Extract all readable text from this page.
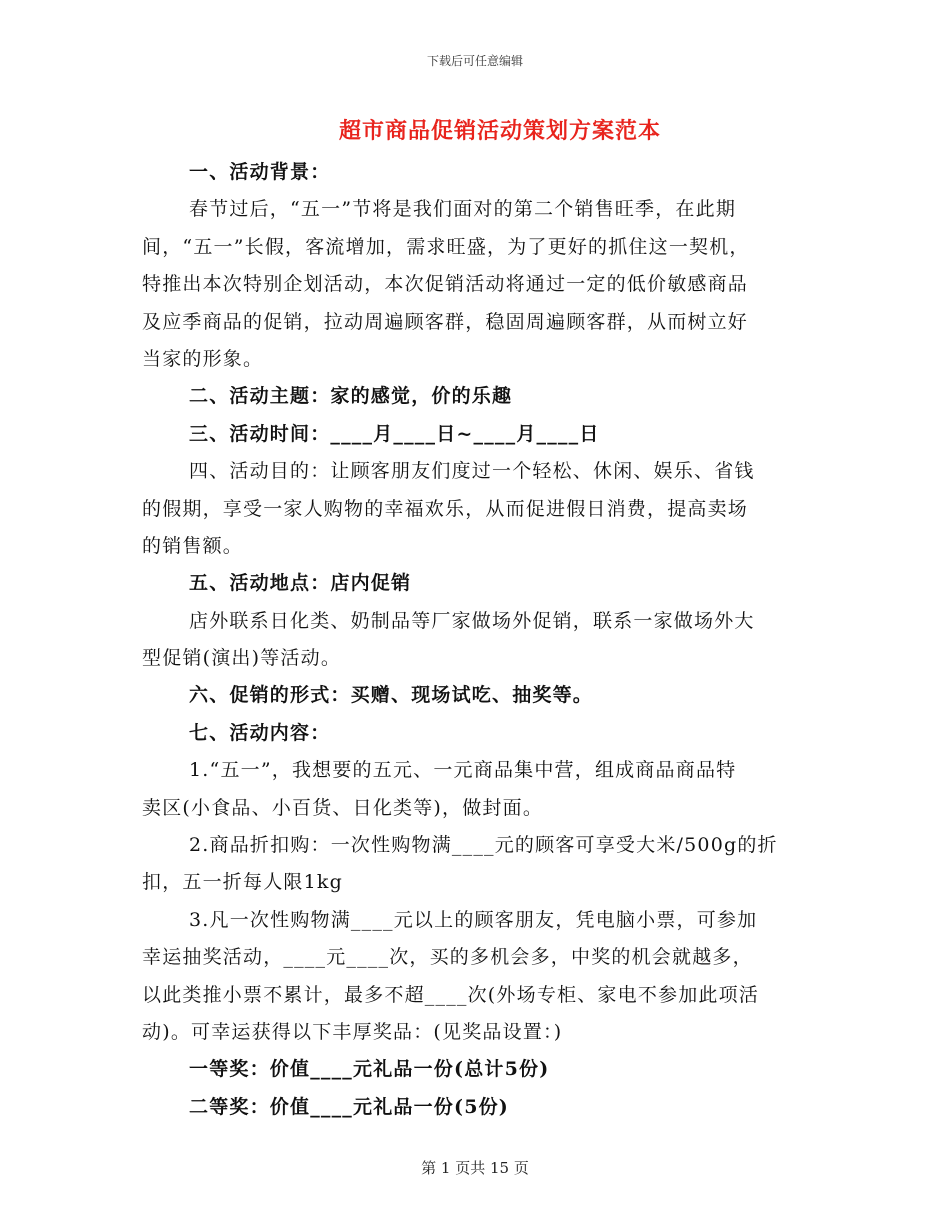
下载后可任意编辑
超市商品促销活动策划方案范本
一、活动背景：
春节过后，“五一”节将是我们面对的第二个销售旺季，在此期
间，“五一”长假，客流增加，需求旺盛，为了更好的抓住这一契机，
特推出本次特别企划活动，本次促销活动将通过一定的低价敏感商品
及应季商品的促销，拉动周遍顾客群，稳固周遍顾客群，从而树立好
当家的形象。
二、活动主题：家的感觉，价的乐趣
三、活动时间：____月____日~____月____日
四、活动目的：让顾客朋友们度过一个轻松、休闲、娱乐、省钱
的假期，享受一家人购物的幸福欢乐，从而促进假日消费，提高卖场
的销售额。
五、活动地点：店内促销
店外联系日化类、奶制品等厂家做场外促销，联系一家做场外大
型促销(演出)等活动。
六、促销的形式：买赠、现场试吃、抽奖等。
七、活动内容：
1.“五一”，我想要的五元、一元商品集中营，组成商品商品特
卖区(小食品、小百货、日化类等)，做封面。
2.商品折扣购：一次性购物满____元的顾客可享受大米/500g的折
扣，五一折每人限1kg
3.凡一次性购物满____元以上的顾客朋友，凭电脑小票，可参加
幸运抽奖活动，____元____次，买的多机会多，中奖的机会就越多，
以此类推小票不累计，最多不超____次(外场专柜、家电不参加此项活
动)。可幸运获得以下丰厚奖品：(见奖品设置：)
一等奖：价值____元礼品一份(总计5份)
二等奖：价值____元礼品一份(5份)
第 1 页共 15 页
